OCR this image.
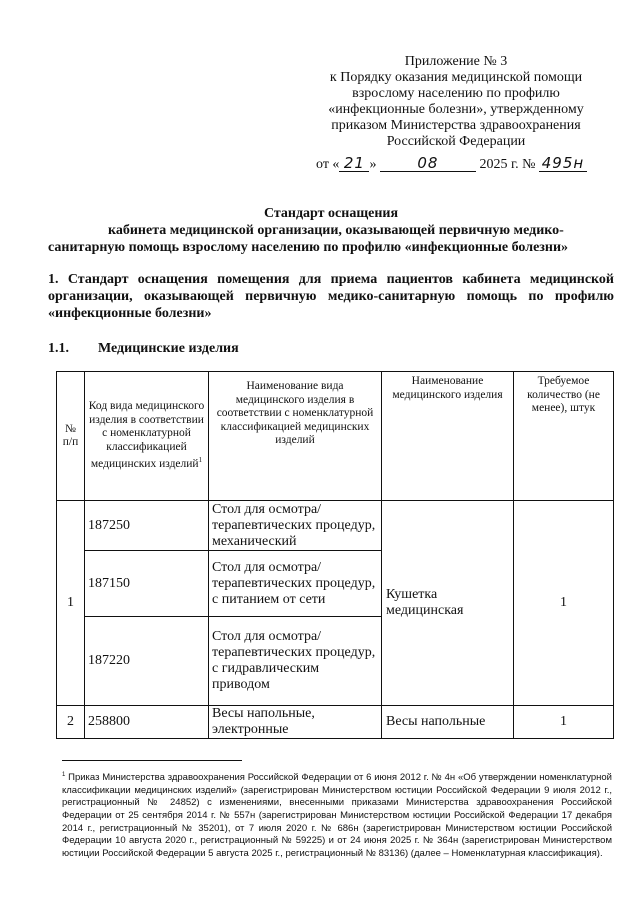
Приложение № 3
к Порядку оказания медицинской помощи
взрослому населению по профилю
«инфекционные болезни», утвержденному
приказом Министерства здравоохранения
Российской Федерации
от « 21 »	08	2025 г. № 495н
Стандарт оснащения
кабинета медицинской организации, оказывающей первичную медико-
санитарную помощь взрослому населению по профилю «инфекционные болезни»
1. Стандарт оснащения помещения для приема пациентов кабинета медицинской организации, оказывающей первичную медико-санитарную помощь по профилю «инфекционные болезни»
1.1. Медицинские изделия
№ п/п	Код вида медицинского изделия в соответствии с номенклатурной классификацией медицинских изделий$^1$	Наименование вида медицинского изделия в соответствии с номенклатурной классификацией медицинских изделий	Наименование медицинского изделия	Требуемое количество (не менее), штук
1	187250	Стол для осмотра/терапевтических процедур, механический	Кушетка медицинская	1
	187150	Стол для осмотра/терапевтических процедур, с питанием от сети		
	187220	Стол для осмотра/терапевтических процедур, с гидравлическим приводом		
2	258800	Весы напольные, электронные	Весы напольные	1
$^1$ Приказ Министерства здравоохранения Российской Федерации от 6 июня 2012 г. № 4н «Об утверждении номенклатурной классификации медицинских изделий» (зарегистрирован Министерством юстиции Российской Федерации 9 июля 2012 г., регистрационный № 24852) с изменениями, внесенными приказами Министерства здравоохранения Российской Федерации от 25 сентября 2014 г. № 557н (зарегистрирован Министерством юстиции Российской Федерации 17 декабря 2014 г., регистрационный № 35201), от 7 июля 2020 г. № 686н (зарегистрирован Министерством юстиции Российской Федерации 10 августа 2020 г., регистрационный № 59225) и от 24 июня 2025 г. № 364н (зарегистрирован Министерством юстиции Российской Федерации 5 августа 2025 г., регистрационный № 83136) (далее – Номенклатурная классификация).
